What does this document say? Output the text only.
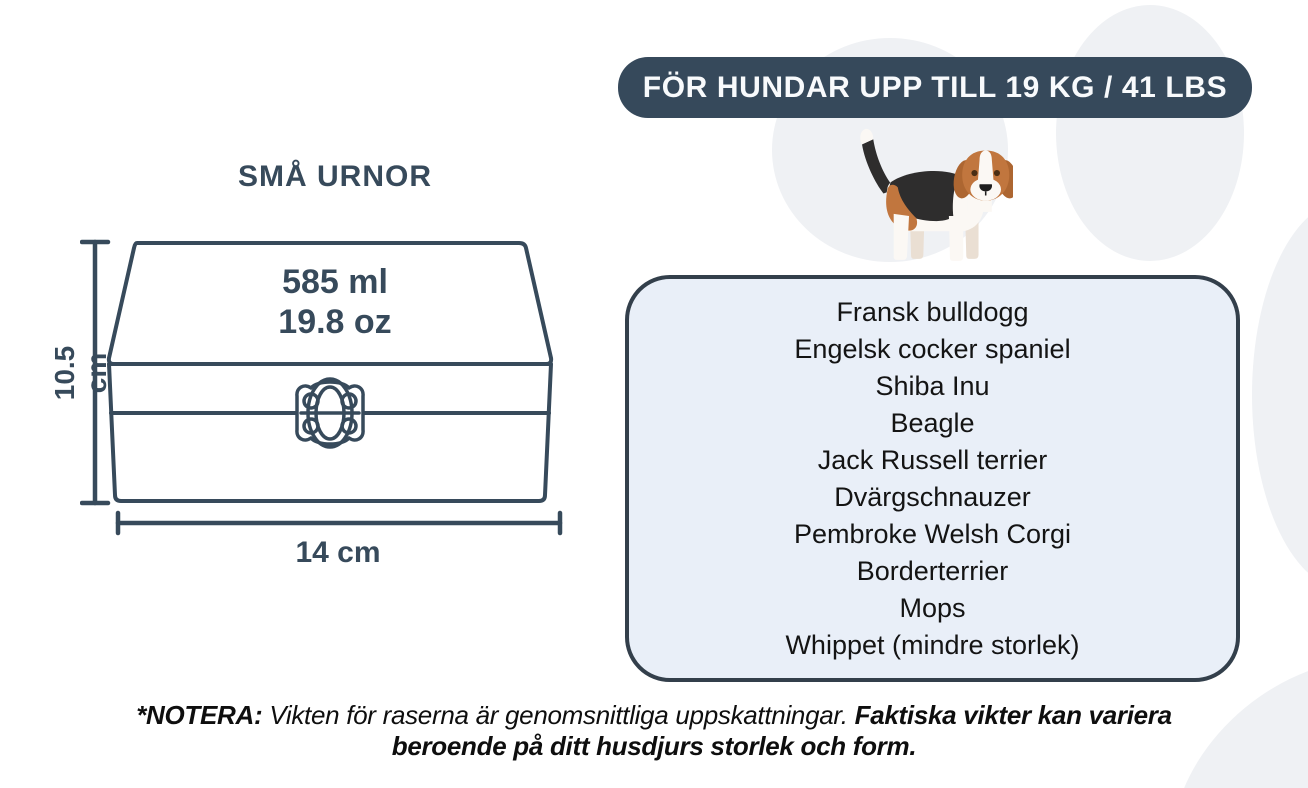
FÖR HUNDAR UPP TILL 19 KG / 41 LBS
SMÅ URNOR
585 ml
19.8 oz
10.5 cm
14 cm
Fransk bulldogg
Engelsk cocker spaniel
Shiba Inu
Beagle
Jack Russell terrier
Dvärgschnauzer
Pembroke Welsh Corgi
Borderterrier
Mops
Whippet (mindre storlek)
*NOTERA: Vikten för raserna är genomsnittliga uppskattningar. Faktiska vikter kan variera beroende på ditt husdjurs storlek och form.
